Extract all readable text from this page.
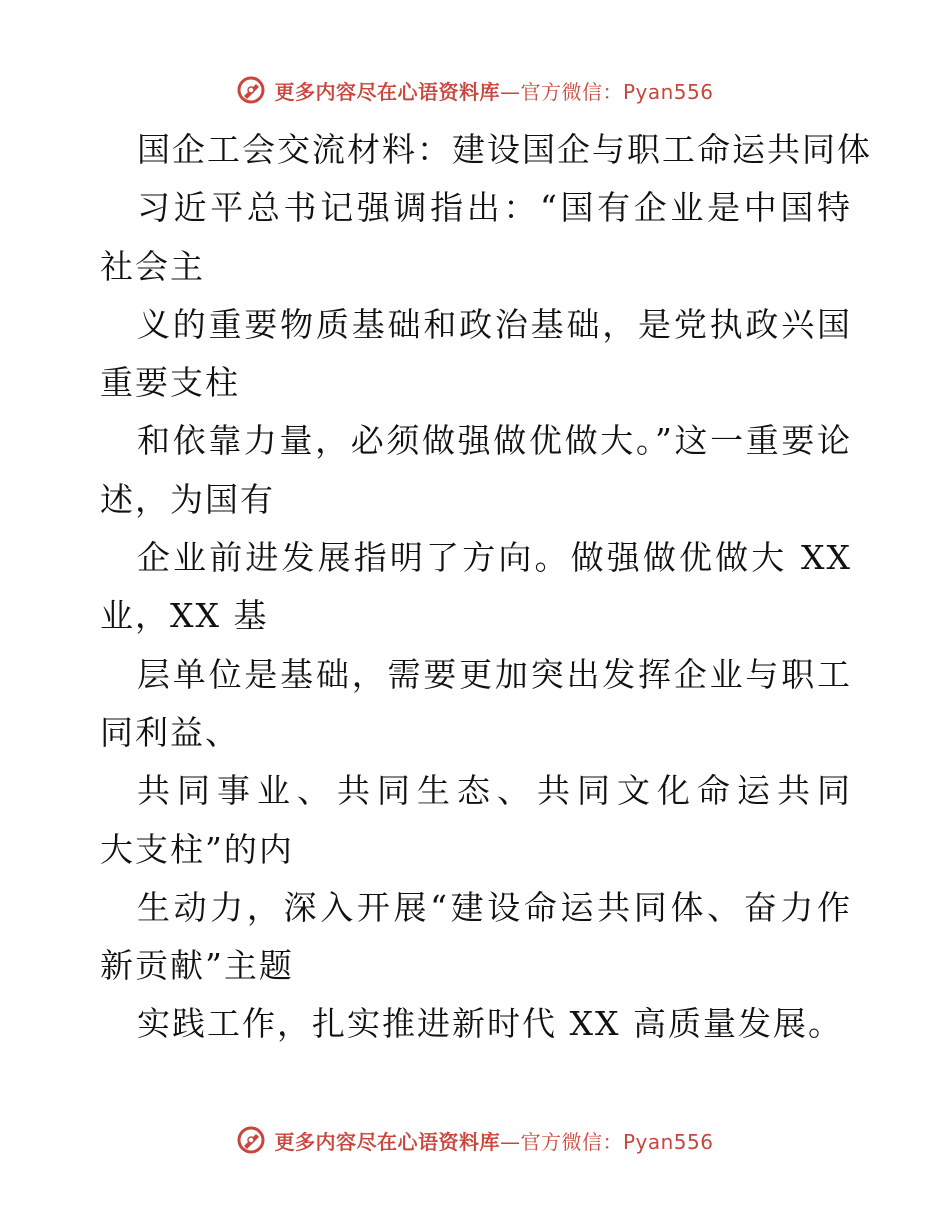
更多内容尽在心语资料库—官方微信：Pyan556
国企工会交流材料：建设国企与职工命运共同体
习近平总书记强调指出：“国有企业是中国特
社会主
义的重要物质基础和政治基础，是党执政兴国
重要支柱
和依靠力量，必须做强做优做大。”这一重要论
述，为国有
企业前进发展指明了方向。做强做优做大 XX
业，XX 基
层单位是基础，需要更加突出发挥企业与职工
同利益、
共同事业、共同生态、共同文化命运共同
大支柱”的内
生动力，深入开展“建设命运共同体、奋力作
新贡献”主题
实践工作，扎实推进新时代 XX 高质量发展。
更多内容尽在心语资料库—官方微信：Pyan556
